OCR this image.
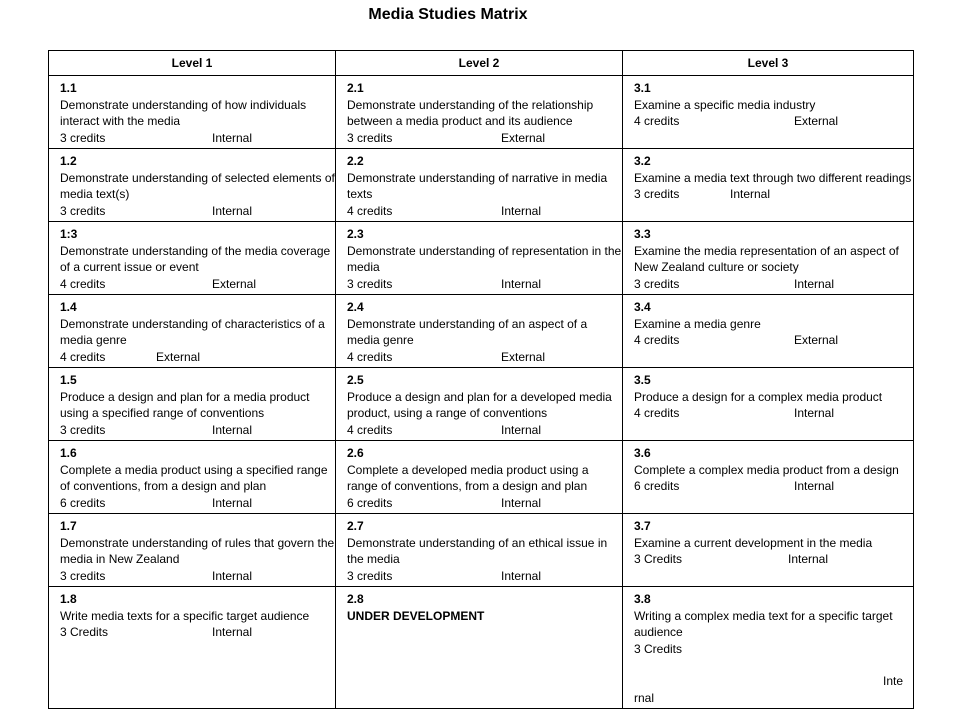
Media Studies Matrix
Level 1	Level 2	Level 3

1.1
Demonstrate understanding of how individuals interact with the media
3 credits Internal	2.1
Demonstrate understanding of the relationship between a media product and its audience
3 credits External	3.1
Examine a specific media industry
4 credits External

1.2
Demonstrate understanding of selected elements of media text(s)
3 credits Internal	2.2
Demonstrate understanding of narrative in media texts
4 credits Internal	3.2
Examine a media text through two different readings
3 credits Internal

1:3
Demonstrate understanding of the media coverage of a current issue or event
4 credits External	2.3
Demonstrate understanding of representation in the media
3 credits Internal	3.3
Examine the media representation of an aspect of New Zealand culture or society
3 credits Internal

1.4
Demonstrate understanding of characteristics of a media genre
4 credits External	2.4
Demonstrate understanding of an aspect of a media genre
4 credits External	3.4
Examine a media genre
4 credits External

1.5
Produce a design and plan for a media product using a specified range of conventions
3 credits Internal	2.5
Produce a design and plan for a developed media product, using a range of conventions
4 credits Internal	3.5
Produce a design for a complex media product
4 credits Internal

1.6
Complete a media product using a specified range of conventions, from a design and plan
6 credits Internal	2.6
Complete a developed media product using a range of conventions, from a design and plan
6 credits Internal	3.6
Complete a complex media product from a design
6 credits Internal

1.7
Demonstrate understanding of rules that govern the media in New Zealand
3 credits Internal	2.7
Demonstrate understanding of an ethical issue in the media
3 credits Internal	3.7
Examine a current development in the media
3 Credits Internal

1.8
Write media texts for a specific target audience
3 Credits Internal	2.8
UNDER DEVELOPMENT	3.8
Writing a complex media text for a specific target audience
3 Credits
Inte
rnal
